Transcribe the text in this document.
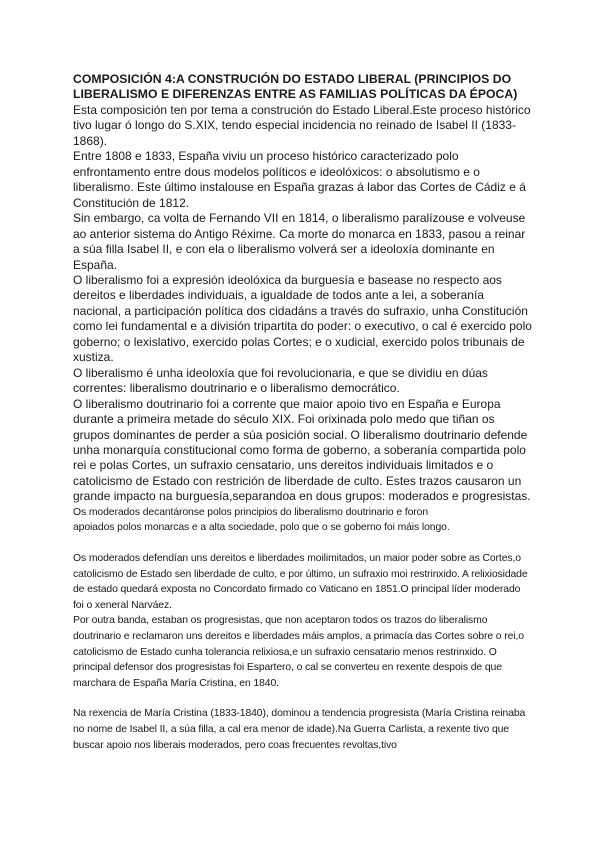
COMPOSICIÓN 4:A CONSTRUCIÓN DO ESTADO LIBERAL (PRINCIPIOS DO LIBERALISMO E DIFERENZAS ENTRE AS FAMILIAS POLÍTICAS DA ÉPOCA)

Esta composición ten por tema a construción do Estado Liberal.Este proceso histórico tivo lugar ó longo do S.XIX, tendo especial incidencia no reinado de Isabel II (1833-1868).

Entre 1808 e 1833, España viviu un proceso histórico caracterizado polo enfrontamento entre dous modelos políticos e ideolóxicos: o absolutismo e o liberalismo. Este último instalouse en España grazas á labor das Cortes de Cádiz e á Constitución de 1812.

Sin embargo, ca volta de Fernando VII en 1814, o liberalismo paralízouse e volveuse ao anterior sistema do Antigo Réxime. Ca morte do monarca en 1833, pasou a reinar a súa filla Isabel II, e con ela o liberalismo volverá ser a ideoloxía dominante en España.

O liberalismo foi a expresión ideolóxica da burguesía e basease no respecto aos dereitos e liberdades individuais, a igualdade de todos ante a lei, a soberanía nacional, a participación política dos cidadáns a través do sufraxio, unha Constitución como lei fundamental e a división tripartita do poder: o executivo, o cal é exercido polo goberno; o lexislativo, exercido polas Cortes; e o xudicial, exercido polos tribunais de xustiza.

O liberalismo é unha ideoloxía que foi revolucionaria, e que se dividiu en dúas correntes: liberalismo doutrinario e o liberalismo democrático.

O liberalismo doutrinario foi a corrente que maior apoio tivo en España e Europa durante a primeira metade do século XIX. Foi orixinada polo medo que tiñan os grupos dominantes de perder a súa posición social. O liberalismo doutrinario defende unha monarquía constitucional como forma de goberno, a soberanía compartida polo rei e polas Cortes, un sufraxio censatario, uns dereitos individuais limitados e o catolicismo de Estado con restrición de liberdade de culto. Estes trazos causaron un grande impacto na burguesía,separandoa en dous grupos: moderados e progresistas.

Os moderados decantáronse polos principios do liberalismo doutrinario e foron
apoiados polos monarcas e a alta sociedade, polo que o se goberno foi máis longo.

Os moderados defendían uns dereitos e liberdades moilimitados, un maior poder sobre as Cortes,o catolicismo de Estado sen liberdade de culto, e por último, un sufraxio moi restrinxido. A relixiosidade de estado quedará exposta no Concordato firmado co Vaticano en 1851.O principal líder moderado foi o xeneral Narváez.
Por outra banda, estaban os progresistas, que non aceptaron todos os trazos do liberalismo doutrinario e reclamaron uns dereitos e liberdades máis amplos, a primacía das Cortes sobre o rei,o catolicismo de Estado cunha tolerancia relixiosa,e un sufraxio censatario menos restrinxido. O principal defensor dos progresistas foi Espartero, o cal se converteu en rexente despois de que marchara de España María Cristina, en 1840.

Na rexencia de María Cristina (1833-1840), dominou a tendencia progresista (María Cristina reinaba no nome de Isabel II, a súa filla, a cal era menor de idade).Na Guerra Carlista, a rexente tivo que buscar apoio nos liberais moderados, pero coas frecuentes revoltas,tivo
